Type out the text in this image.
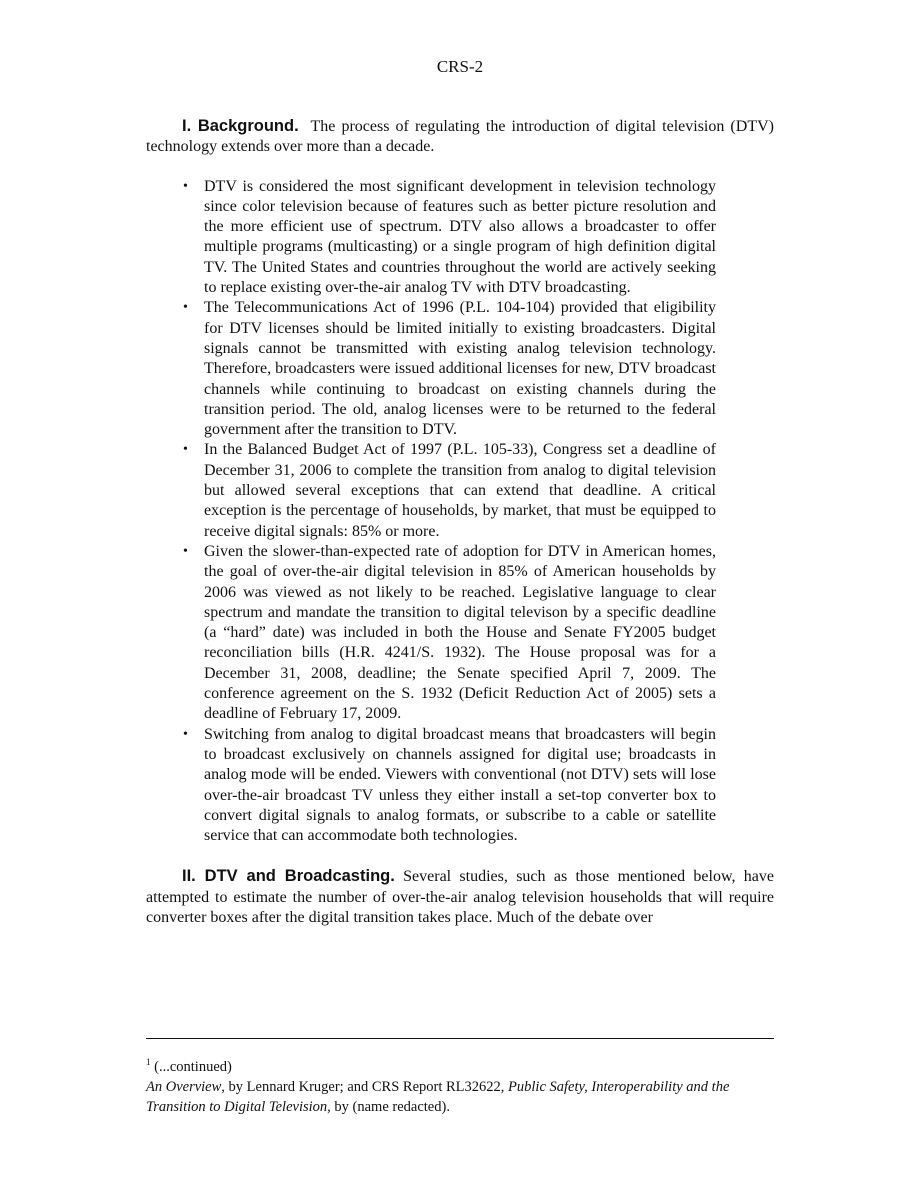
CRS-2

I. Background. The process of regulating the introduction of digital television (DTV) technology extends over more than a decade.

• DTV is considered the most significant development in television technology since color television because of features such as better picture resolution and the more efficient use of spectrum. DTV also allows a broadcaster to offer multiple programs (multicasting) or a single program of high definition digital TV. The United States and countries throughout the world are actively seeking to replace existing over-the-air analog TV with DTV broadcasting.
• The Telecommunications Act of 1996 (P.L. 104-104) provided that eligibility for DTV licenses should be limited initially to existing broadcasters. Digital signals cannot be transmitted with existing analog television technology. Therefore, broadcasters were issued additional licenses for new, DTV broadcast channels while continuing to broadcast on existing channels during the transition period. The old, analog licenses were to be returned to the federal government after the transition to DTV.
• In the Balanced Budget Act of 1997 (P.L. 105-33), Congress set a deadline of December 31, 2006 to complete the transition from analog to digital television but allowed several exceptions that can extend that deadline. A critical exception is the percentage of households, by market, that must be equipped to receive digital signals: 85% or more.
• Given the slower-than-expected rate of adoption for DTV in American homes, the goal of over-the-air digital television in 85% of American households by 2006 was viewed as not likely to be reached. Legislative language to clear spectrum and mandate the transition to digital televison by a specific deadline (a “hard” date) was included in both the House and Senate FY2005 budget reconciliation bills (H.R. 4241/S. 1932). The House proposal was for a December 31, 2008, deadline; the Senate specified April 7, 2009. The conference agreement on the S. 1932 (Deficit Reduction Act of 2005) sets a deadline of February 17, 2009.
• Switching from analog to digital broadcast means that broadcasters will begin to broadcast exclusively on channels assigned for digital use; broadcasts in analog mode will be ended. Viewers with conventional (not DTV) sets will lose over-the-air broadcast TV unless they either install a set-top converter box to convert digital signals to analog formats, or subscribe to a cable or satellite service that can accommodate both technologies.

II. DTV and Broadcasting. Several studies, such as those mentioned below, have attempted to estimate the number of over-the-air analog television households that will require converter boxes after the digital transition takes place. Much of the debate over

$^1$ (...continued)

An Overview, by Lennard Kruger; and CRS Report RL32622, Public Safety, Interoperability and the Transition to Digital Television, by (name redacted).
